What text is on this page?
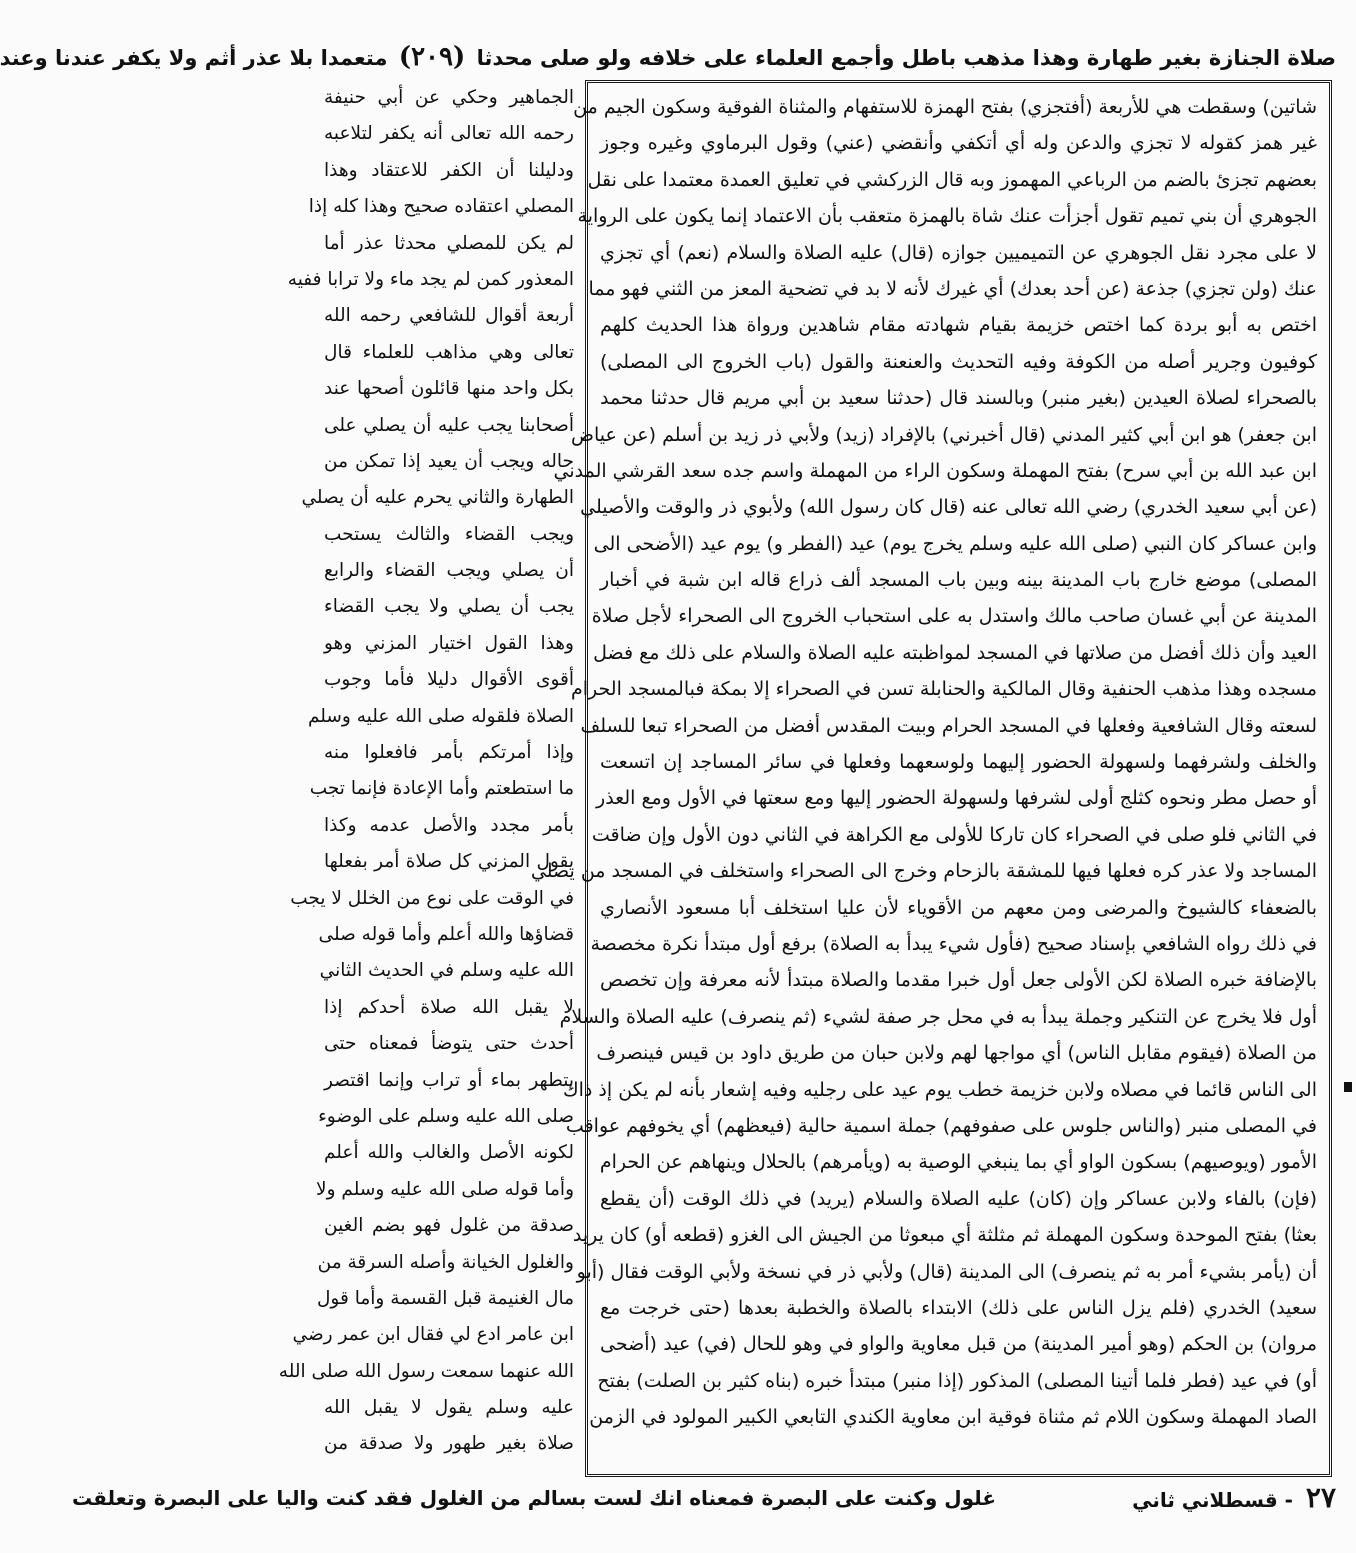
صلاة الجنازة بغير طهارة وهذا مذهب باطل وأجمع العلماء على خلافه ولو صلى محدثا (٢٠٩) متعمدا بلا عذر أثم ولا يكفر عندنا وعند
شاتين) وسقطت هي للأربعة (أفتجزي) بفتح الهمزة للاستفهام والمثناة الفوقية وسكون الجيم من
غير همز كقوله لا تجزي والدعن وله أي أتكفي وأنقضي (عني) وقول البرماوي وغيره وجوز
بعضهم تجزئ بالضم من الرباعي المهموز وبه قال الزركشي في تعليق العمدة معتمدا على نقل
الجوهري أن بني تميم تقول أجزأت عنك شاة بالهمزة متعقب بأن الاعتماد إنما يكون على الرواية
لا على مجرد نقل الجوهري عن التميميين جوازه (قال) عليه الصلاة والسلام (نعم) أي تجزي
عنك (ولن تجزي) جذعة (عن أحد بعدك) أي غيرك لأنه لا بد في تضحية المعز من الثني فهو مما
اختص به أبو بردة كما اختص خزيمة بقيام شهادته مقام شاهدين ورواة هذا الحديث كلهم
كوفيون وجرير أصله من الكوفة وفيه التحديث والعنعنة والقول (باب الخروج الى المصلى)
بالصحراء لصلاة العيدين (بغير منبر) وبالسند قال (حدثنا سعيد بن أبي مريم قال حدثنا محمد
ابن جعفر) هو ابن أبي كثير المدني (قال أخبرني) بالإفراد (زيد) ولأبي ذر زيد بن أسلم (عن عياض
ابن عبد الله بن أبي سرح) بفتح المهملة وسكون الراء من المهملة واسم جده سعد القرشي المدني
(عن أبي سعيد الخدري) رضي الله تعالى عنه (قال كان رسول الله) ولأبوي ذر والوقت والأصيلي
وابن عساكر كان النبي (صلى الله عليه وسلم يخرج يوم) عيد (الفطر و) يوم عيد (الأضحى الى
المصلى) موضع خارج باب المدينة بينه وبين باب المسجد ألف ذراع قاله ابن شبة في أخبار
المدينة عن أبي غسان صاحب مالك واستدل به على استحباب الخروج الى الصحراء لأجل صلاة
العيد وأن ذلك أفضل من صلاتها في المسجد لمواظبته عليه الصلاة والسلام على ذلك مع فضل
مسجده وهذا مذهب الحنفية وقال المالكية والحنابلة تسن في الصحراء إلا بمكة فبالمسجد الحرام
لسعته وقال الشافعية وفعلها في المسجد الحرام وبيت المقدس أفضل من الصحراء تبعا للسلف
والخلف ولشرفهما ولسهولة الحضور إليهما ولوسعهما وفعلها في سائر المساجد إن اتسعت
أو حصل مطر ونحوه كثلج أولى لشرفها ولسهولة الحضور إليها ومع سعتها في الأول ومع العذر
في الثاني فلو صلى في الصحراء كان تاركا للأولى مع الكراهة في الثاني دون الأول وإن ضاقت
المساجد ولا عذر كره فعلها فيها للمشقة بالزحام وخرج الى الصحراء واستخلف في المسجد من يصلي
بالضعفاء كالشيوخ والمرضى ومن معهم من الأقوياء لأن عليا استخلف أبا مسعود الأنصاري
في ذلك رواه الشافعي بإسناد صحيح (فأول شيء يبدأ به الصلاة) برفع أول مبتدأ نكرة مخصصة
بالإضافة خبره الصلاة لكن الأولى جعل أول خبرا مقدما والصلاة مبتدأ لأنه معرفة وإن تخصص
أول فلا يخرج عن التنكير وجملة يبدأ به في محل جر صفة لشيء (ثم ينصرف) عليه الصلاة والسلام
من الصلاة (فيقوم مقابل الناس) أي مواجها لهم ولابن حبان من طريق داود بن قيس فينصرف
الى الناس قائما في مصلاه ولابن خزيمة خطب يوم عيد على رجليه وفيه إشعار بأنه لم يكن إذ ذاك
في المصلى منبر (والناس جلوس على صفوفهم) جملة اسمية حالية (فيعظهم) أي يخوفهم عواقب
الأمور (ويوصيهم) بسكون الواو أي بما ينبغي الوصية به (ويأمرهم) بالحلال وينهاهم عن الحرام
(فإن) بالفاء ولابن عساكر وإن (كان) عليه الصلاة والسلام (يريد) في ذلك الوقت (أن يقطع
بعثا) بفتح الموحدة وسكون المهملة ثم مثلثة أي مبعوثا من الجيش الى الغزو (قطعه أو) كان يريد
أن (يأمر بشيء أمر به ثم ينصرف) الى المدينة (قال) ولأبي ذر في نسخة ولأبي الوقت فقال (أبو
سعيد) الخدري (فلم يزل الناس على ذلك) الابتداء بالصلاة والخطبة بعدها (حتى خرجت مع
مروان) بن الحكم (وهو أمير المدينة) من قبل معاوية والواو في وهو للحال (في) عيد (أضحى
أو) في عيد (فطر فلما أتينا المصلى) المذكور (إذا منبر) مبتدأ خبره (بناه كثير بن الصلت) بفتح
الصاد المهملة وسكون اللام ثم مثناة فوقية ابن معاوية الكندي التابعي الكبير المولود في الزمن
الجماهير وحكي عن أبي حنيفة
رحمه الله تعالى أنه يكفر لتلاعبه
ودليلنا أن الكفر للاعتقاد وهذا
المصلي اعتقاده صحيح وهذا كله إذا
لم يكن للمصلي محدثا عذر أما
المعذور كمن لم يجد ماء ولا ترابا ففيه
أربعة أقوال للشافعي رحمه الله
تعالى وهي مذاهب للعلماء قال
بكل واحد منها قائلون أصحها عند
أصحابنا يجب عليه أن يصلي على
حاله ويجب أن يعيد إذا تمكن من
الطهارة والثاني يحرم عليه أن يصلي
ويجب القضاء والثالث يستحب
أن يصلي ويجب القضاء والرابع
يجب أن يصلي ولا يجب القضاء
وهذا القول اختيار المزني وهو
أقوى الأقوال دليلا فأما وجوب
الصلاة فلقوله صلى الله عليه وسلم
وإذا أمرتكم بأمر فافعلوا منه
ما استطعتم وأما الإعادة فإنما تجب
بأمر مجدد والأصل عدمه وكذا
يقول المزني كل صلاة أمر بفعلها
في الوقت على نوع من الخلل لا يجب
قضاؤها والله أعلم وأما قوله صلى
الله عليه وسلم في الحديث الثاني
لا يقبل الله صلاة أحدكم إذا
أحدث حتى يتوضأ فمعناه حتى
يتطهر بماء أو تراب وإنما اقتصر
صلى الله عليه وسلم على الوضوء
لكونه الأصل والغالب والله أعلم
وأما قوله صلى الله عليه وسلم ولا
صدقة من غلول فهو بضم الغين
والغلول الخيانة وأصله السرقة من
مال الغنيمة قبل القسمة وأما قول
ابن عامر ادع لي فقال ابن عمر رضي
الله عنهما سمعت رسول الله صلى الله
عليه وسلم يقول لا يقبل الله
صلاة بغير طهور ولا صدقة من
٢٧ - قسطلاني ثاني
غلول وكنت على البصرة فمعناه انك لست بسالم من الغلول فقد كنت واليا على البصرة وتعلقت
